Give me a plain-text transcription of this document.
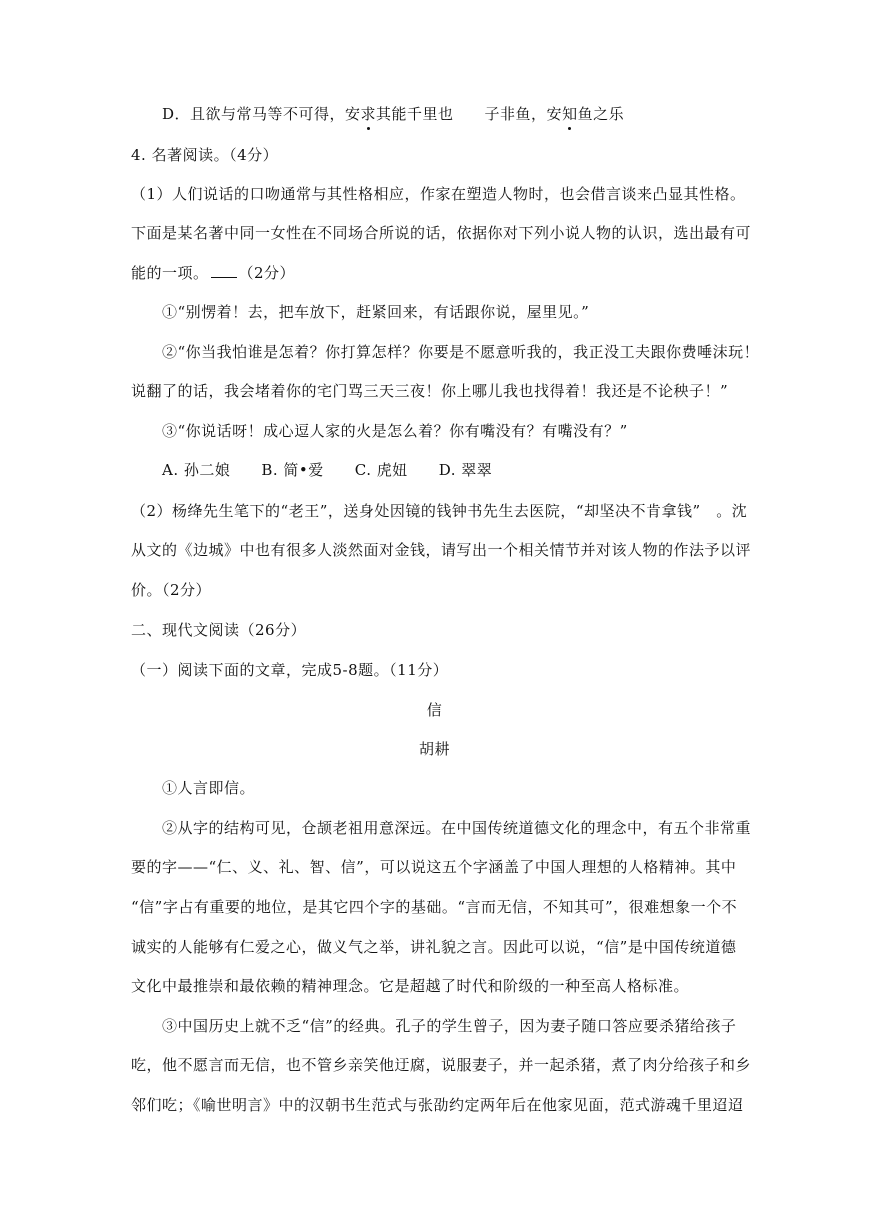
D．且欲与常马等不可得，安求其能千里也　　子非鱼，安知鱼之乐
4. 名著阅读。（4分）
（1）人们说话的口吻通常与其性格相应，作家在塑造人物时，也会借言谈来凸显其性格。
下面是某名著中同一女性在不同场合所说的话，依据你对下列小说人物的认识，选出最有可
能的一项。 （2分）
①“别愣着！去，把车放下，赶紧回来，有话跟你说，屋里见。”
②“你当我怕谁是怎着？你打算怎样？你要是不愿意听我的，我正没工夫跟你费唾沫玩！
说翻了的话，我会堵着你的宅门骂三天三夜！你上哪儿我也找得着！我还是不论秧子！”
③“你说话呀！成心逗人家的火是怎么着？你有嘴没有？有嘴没有？”
A. 孙二娘　　B. 简•爱　　C. 虎妞　　D. 翠翠
（2）杨绛先生笔下的“老王”，送身处因镜的钱钟书先生去医院，“却坚决不肯拿钱”　。沈
从文的《边城》中也有很多人淡然面对金钱，请写出一个相关情节并对该人物的作法予以评
价。（2分）
二、现代文阅读（26分）
（一）阅读下面的文章，完成5-8题。（11分）
信
胡耕
①人言即信。
②从字的结构可见，仓颉老祖用意深远。在中国传统道德文化的理念中，有五个非常重
要的字——“仁、义、礼、智、信”，可以说这五个字涵盖了中国人理想的人格精神。其中
“信”字占有重要的地位，是其它四个字的基础。“言而无信，不知其可”，很难想象一个不
诚实的人能够有仁爱之心，做义气之举，讲礼貌之言。因此可以说，“信”是中国传统道德
文化中最推崇和最依赖的精神理念。它是超越了时代和阶级的一种至高人格标准。
③中国历史上就不乏“信”的经典。孔子的学生曾子，因为妻子随口答应要杀猪给孩子
吃，他不愿言而无信，也不管乡亲笑他迂腐，说服妻子，并一起杀猪，煮了肉分给孩子和乡
邻们吃；《喻世明言》中的汉朝书生范式与张劭约定两年后在他家见面，范式游魂千里迢迢
